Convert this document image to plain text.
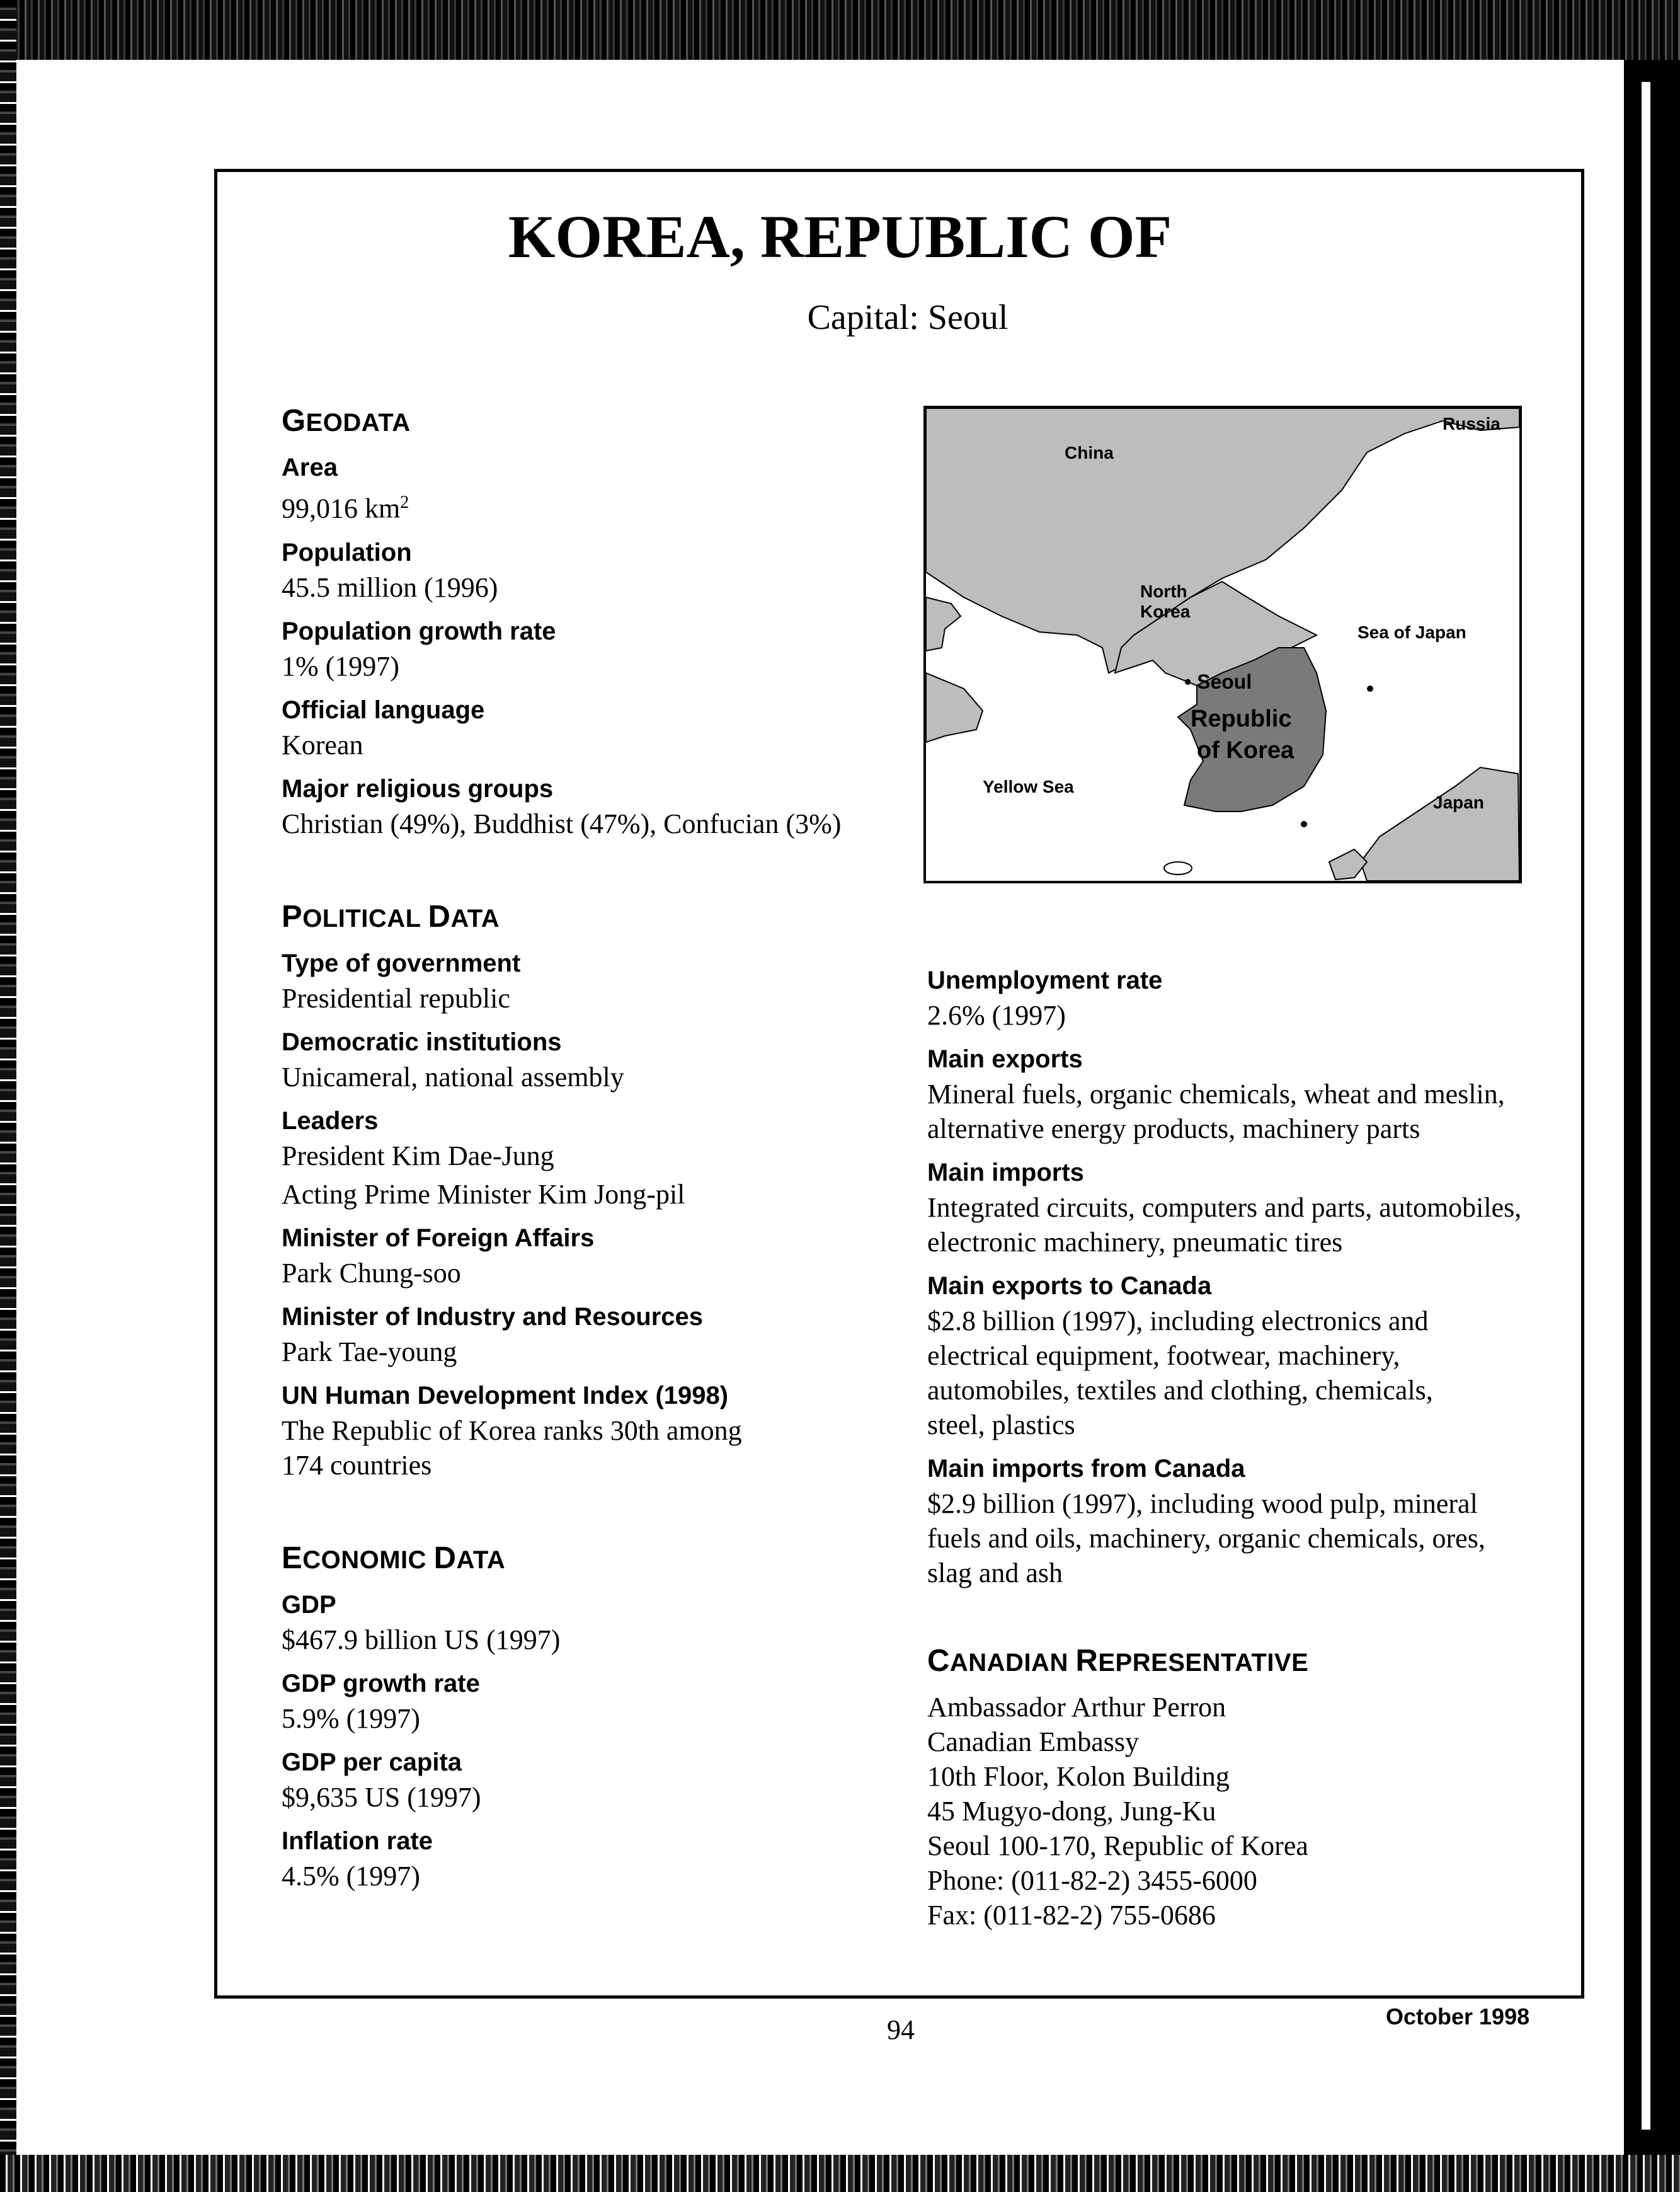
KOREA, REPUBLIC OF
Capital: Seoul
GEODATA

Area

99,016 $km^2$

Population

45.5 million (1996)

Population growth rate

1% (1997)

Official language

Korean

Major religious groups

Christian (49%), Buddhist (47%), Confucian (3%)

POLITICAL DATA

Type of government

Presidential republic

Democratic institutions

Unicameral, national assembly

Leaders

President Kim Dae-Jung
Acting Prime Minister Kim Jong-pil

Minister of Foreign Affairs

Park Chung-soo

Minister of Industry and Resources

Park Tae-young

UN Human Development Index (1998)

The Republic of Korea ranks 30th among
174 countries

ECONOMIC DATA

GDP

$467.9 billion US (1997)

GDP growth rate

5.9% (1997)

GDP per capita

$9,635 US (1997)

Inflation rate

4.5% (1997)

Russia
China
North
Korea
Sea of Japan
• Seoul
Republic
of Korea
Yellow Sea
Japan

Unemployment rate

2.6% (1997)

Main exports

Mineral fuels, organic chemicals, wheat and meslin,
alternative energy products, machinery parts

Main imports

Integrated circuits, computers and parts, automobiles,
electronic machinery, pneumatic tires

Main exports to Canada

$2.8 billion (1997), including electronics and
electrical equipment, footwear, machinery,
automobiles, textiles and clothing, chemicals,
steel, plastics

Main imports from Canada

$2.9 billion (1997), including wood pulp, mineral
fuels and oils, machinery, organic chemicals, ores,
slag and ash

CANADIAN REPRESENTATIVE
Ambassador Arthur Perron
Canadian Embassy
10th Floor, Kolon Building
45 Mugyo-dong, Jung-Ku
Seoul 100-170, Republic of Korea
Phone: (011-82-2) 3455-6000
Fax: (011-82-2) 755-0686
94	October 1998
